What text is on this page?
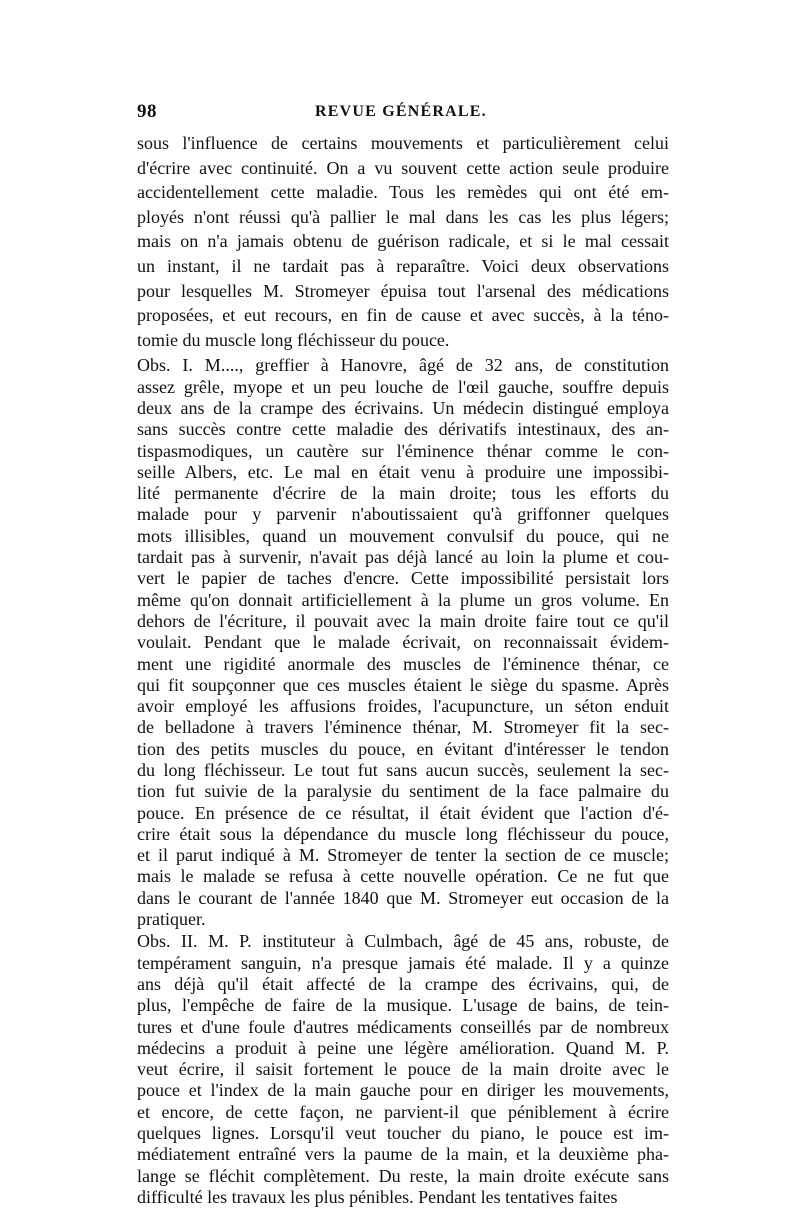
98	REVUE GÉNÉRALE.
sous l'influence de certains mouvements et particulièrement celui
d'écrire avec continuité. On a vu souvent cette action seule produire
accidentellement cette maladie. Tous les remèdes qui ont été em-
ployés n'ont réussi qu'à pallier le mal dans les cas les plus légers;
mais on n'a jamais obtenu de guérison radicale, et si le mal cessait
un instant, il ne tardait pas à reparaître. Voici deux observations
pour lesquelles M. Stromeyer épuisa tout l'arsenal des médications
proposées, et eut recours, en fin de cause et avec succès, à la téno-
tomie du muscle long fléchisseur du pouce.
Obs. I. M...., greffier à Hanovre, âgé de 32 ans, de constitution
assez grêle, myope et un peu louche de l'œil gauche, souffre depuis
deux ans de la crampe des écrivains. Un médecin distingué employa
sans succès contre cette maladie des dérivatifs intestinaux, des an-
tispasmodiques, un cautère sur l'éminence thénar comme le con-
seille Albers, etc. Le mal en était venu à produire une impossibi-
lité permanente d'écrire de la main droite; tous les efforts du
malade pour y parvenir n'aboutissaient qu'à griffonner quelques
mots illisibles, quand un mouvement convulsif du pouce, qui ne
tardait pas à survenir, n'avait pas déjà lancé au loin la plume et cou-
vert le papier de taches d'encre. Cette impossibilité persistait lors
même qu'on donnait artificiellement à la plume un gros volume. En
dehors de l'écriture, il pouvait avec la main droite faire tout ce qu'il
voulait. Pendant que le malade écrivait, on reconnaissait évidem-
ment une rigidité anormale des muscles de l'éminence thénar, ce
qui fit soupçonner que ces muscles étaient le siège du spasme. Après
avoir employé les affusions froides, l'acupuncture, un séton enduit
de belladone à travers l'éminence thénar, M. Stromeyer fit la sec-
tion des petits muscles du pouce, en évitant d'intéresser le tendon
du long fléchisseur. Le tout fut sans aucun succès, seulement la sec-
tion fut suivie de la paralysie du sentiment de la face palmaire du
pouce. En présence de ce résultat, il était évident que l'action d'é-
crire était sous la dépendance du muscle long fléchisseur du pouce,
et il parut indiqué à M. Stromeyer de tenter la section de ce muscle;
mais le malade se refusa à cette nouvelle opération. Ce ne fut que
dans le courant de l'année 1840 que M. Stromeyer eut occasion de la
pratiquer.
Obs. II. M. P. instituteur à Culmbach, âgé de 45 ans, robuste, de
tempérament sanguin, n'a presque jamais été malade. Il y a quinze
ans déjà qu'il était affecté de la crampe des écrivains, qui, de
plus, l'empêche de faire de la musique. L'usage de bains, de tein-
tures et d'une foule d'autres médicaments conseillés par de nombreux
médecins a produit à peine une légère amélioration. Quand M. P.
veut écrire, il saisit fortement le pouce de la main droite avec le
pouce et l'index de la main gauche pour en diriger les mouvements,
et encore, de cette façon, ne parvient-il que péniblement à écrire
quelques lignes. Lorsqu'il veut toucher du piano, le pouce est im-
médiatement entraîné vers la paume de la main, et la deuxième pha-
lange se fléchit complètement. Du reste, la main droite exécute sans
difficulté les travaux les plus pénibles. Pendant les tentatives faites
